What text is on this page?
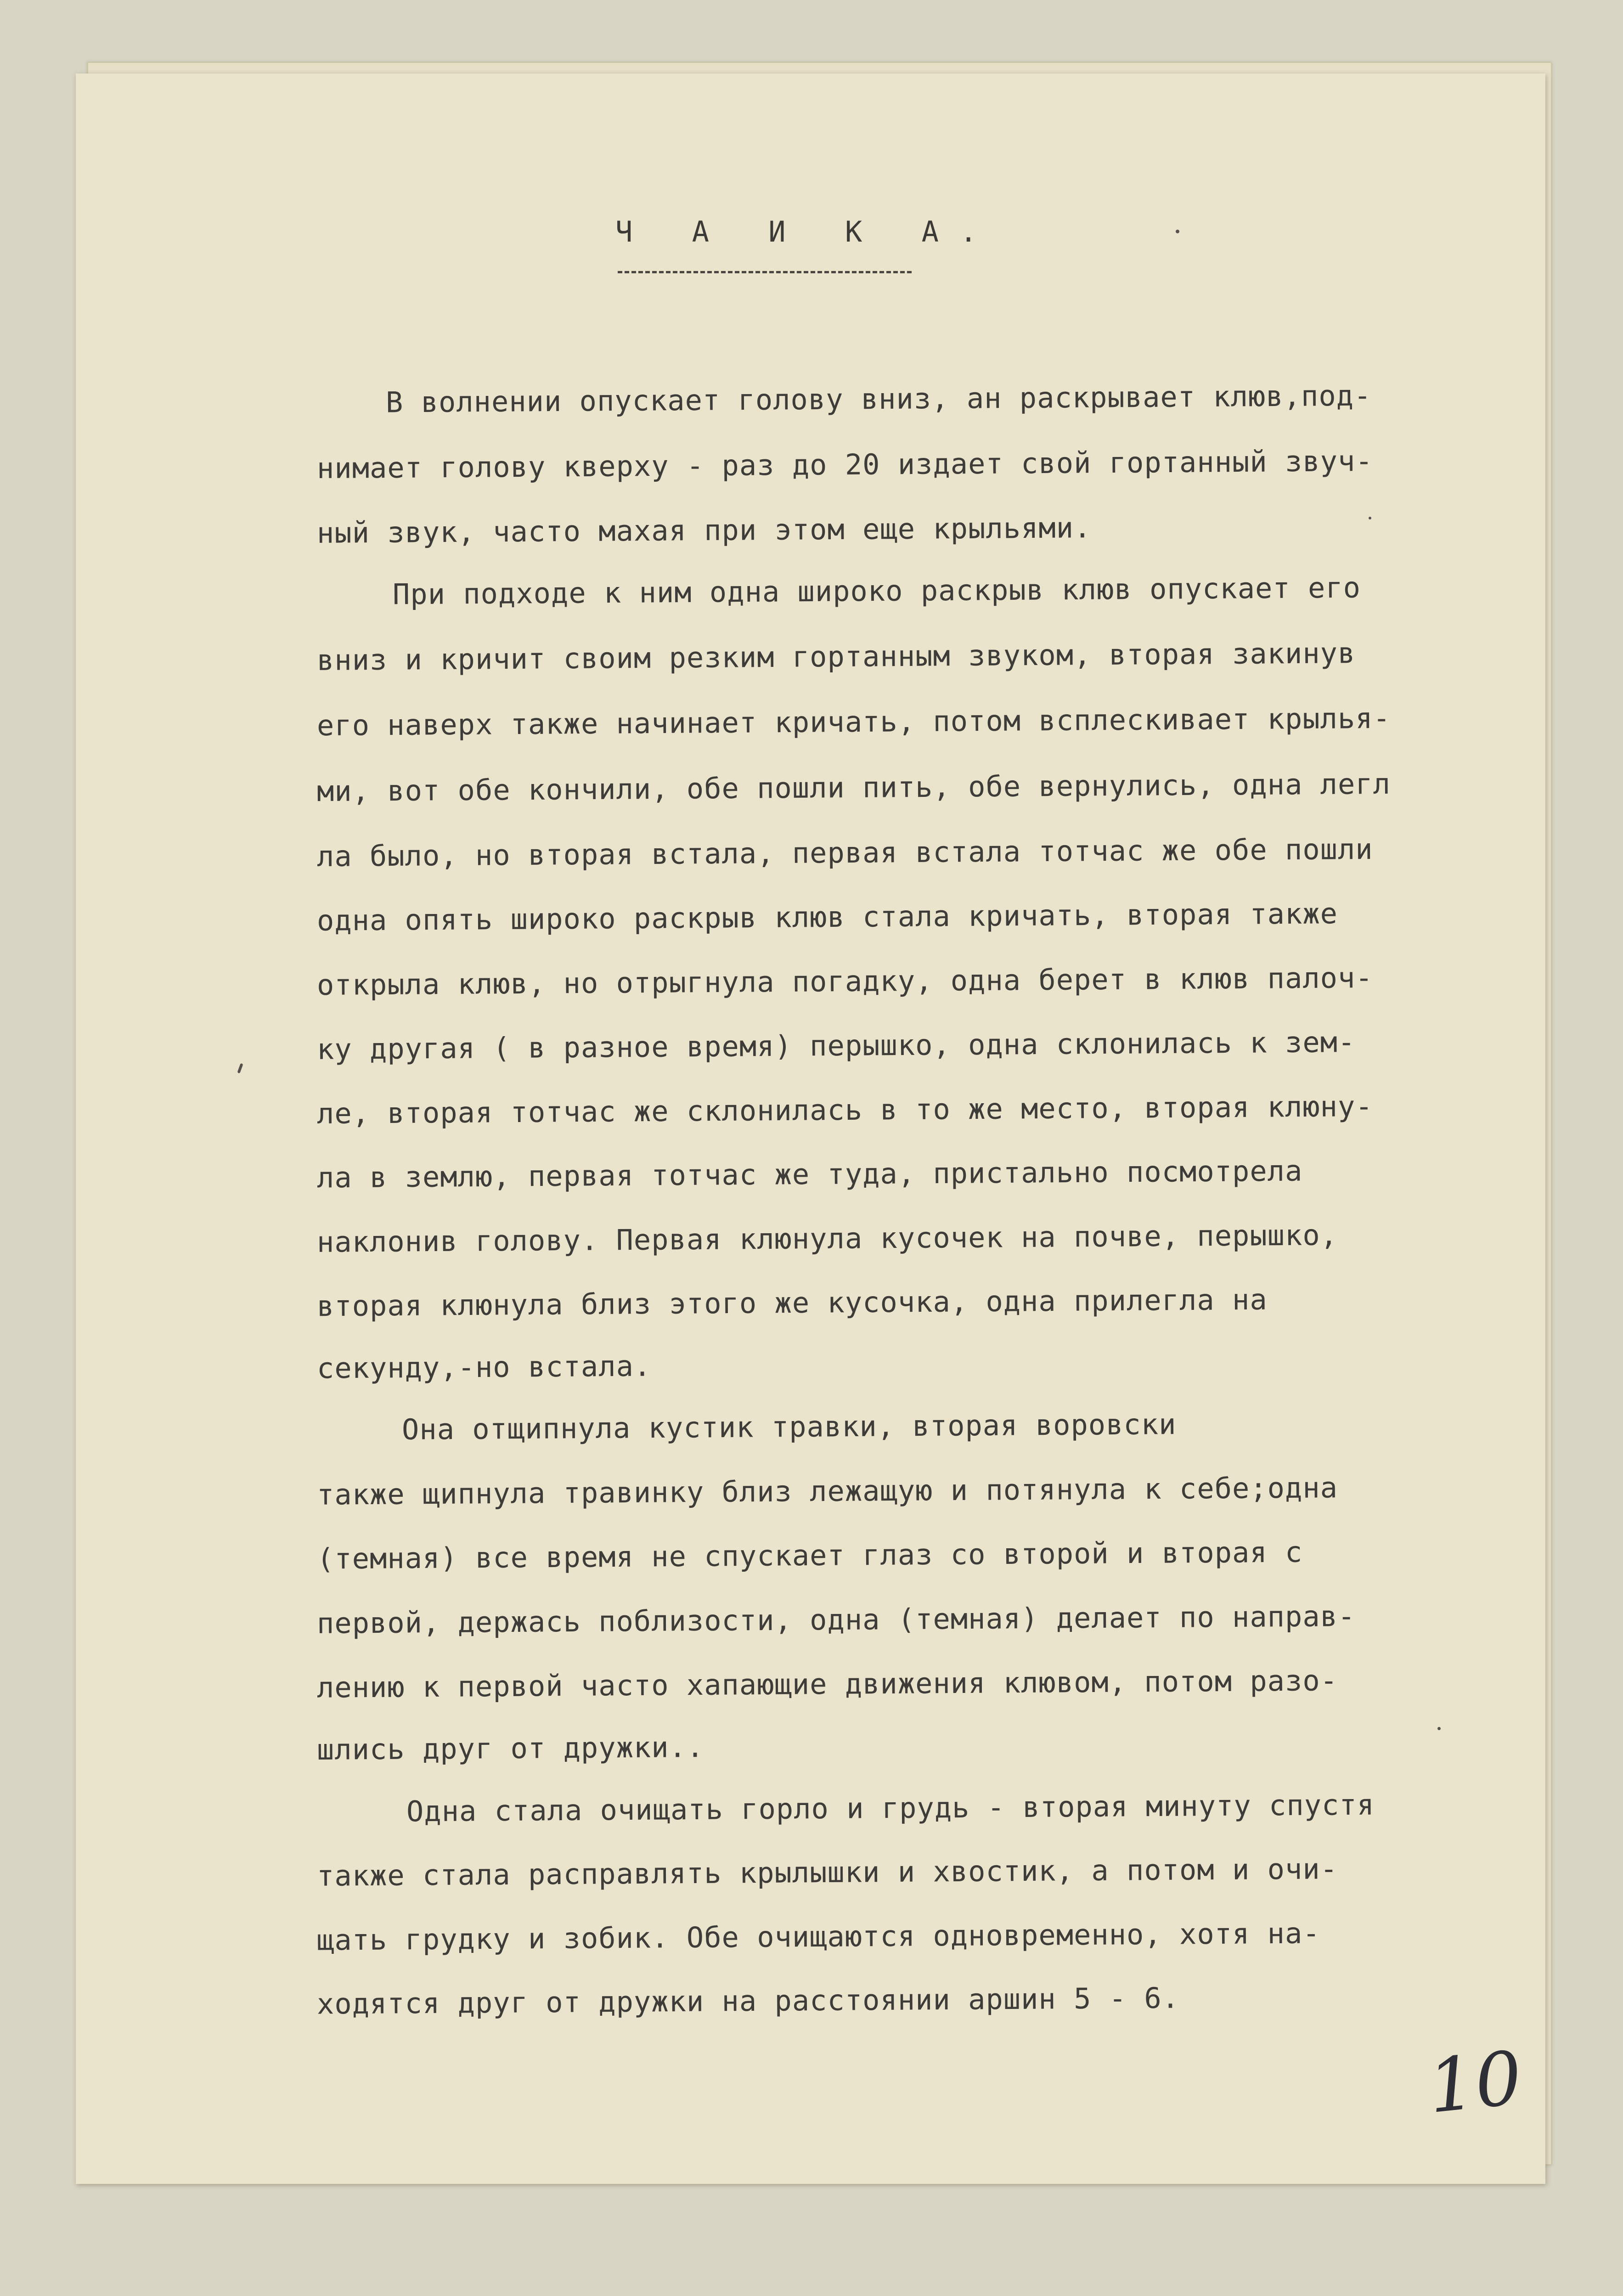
Ч А И К А.
В волнении опускает голову вниз, ан раскрывает клюв,под-
нимает голову кверху - раз до 20 издает свой гортанный звуч-
ный звук, часто махая при этом еще крыльями.
При подходе к ним одна широко раскрыв клюв опускает его
вниз и кричит своим резким гортанным звуком, вторая закинув
его наверх также начинает кричать, потом всплескивает крылья-
ми, вот обе кончили, обе пошли пить, обе вернулись, одна легл
ла было, но вторая встала, первая встала тотчас же обе пошли
одна опять широко раскрыв клюв стала кричать, вторая также
открыла клюв, но отрыгнула погадку, одна берет в клюв палоч-
ку другая ( в разное время) перышко, одна склонилась к зем-
ле, вторая тотчас же склонилась в то же место, вторая клюну-
ла в землю, первая тотчас же туда, пристально посмотрела
наклонив голову. Первая клюнула кусочек на почве, перышко,
вторая клюнула близ этого же кусочка, одна прилегла на
секунду,-но встала.
Она отщипнула кустик травки, вторая воровски
также щипнула травинку близ лежащую и потянула к себе;одна
(темная) все время не спускает глаз со второй и вторая с
первой, держась поблизости, одна (темная) делает по направ-
лению к первой часто хапающие движения клювом, потом разо-
шлись друг от дружки..
Одна стала очищать горло и грудь - вторая минуту спустя
также стала расправлять крылышки и хвостик, а потом и очи-
щать грудку и зобик. Обе очищаются одновременно, хотя на-
ходятся друг от дружки на расстоянии аршин 5 - 6.
10
